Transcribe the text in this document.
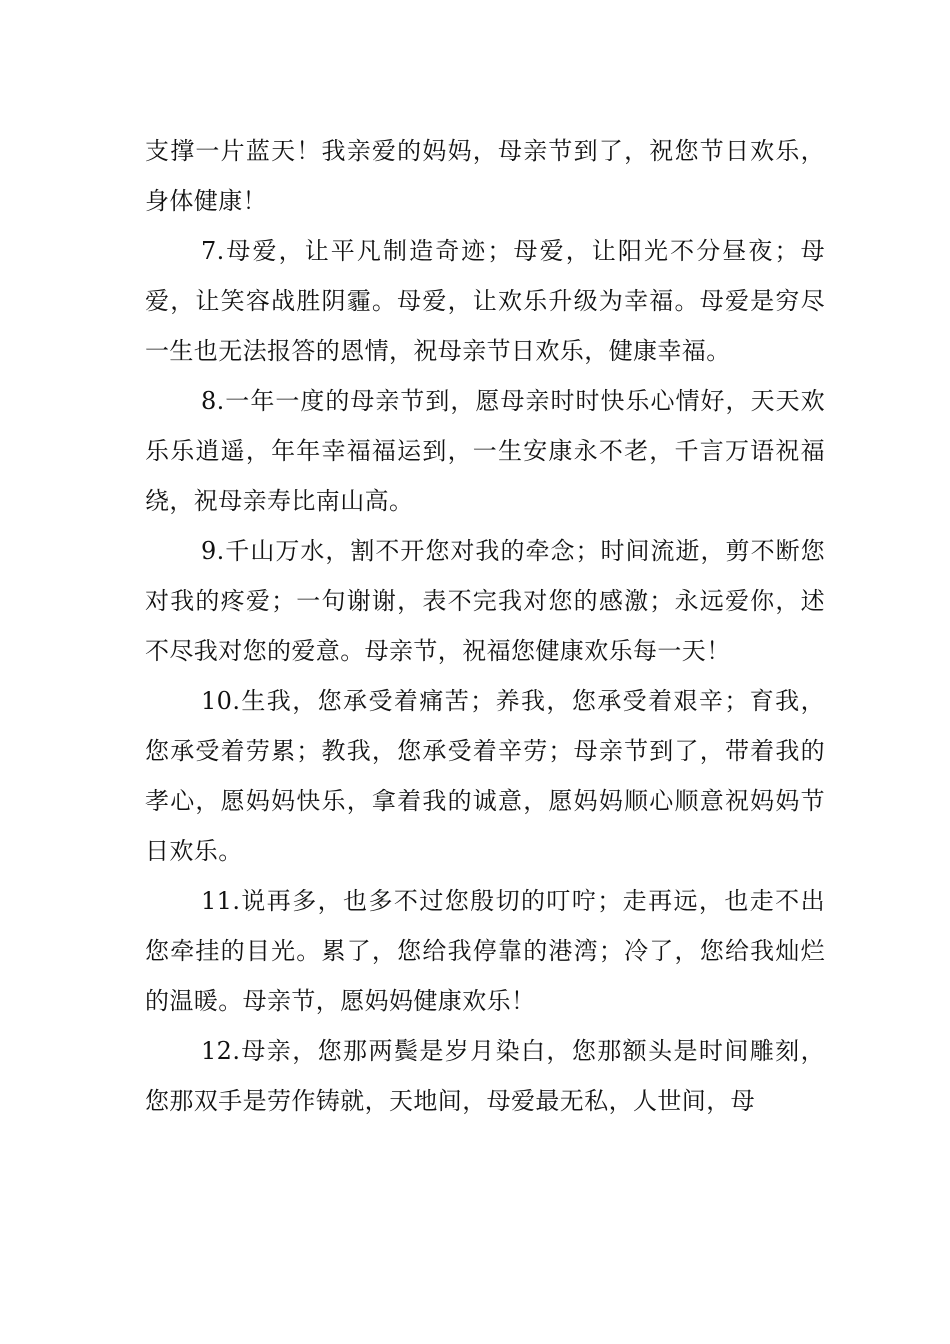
支撑一片蓝天！我亲爱的妈妈，母亲节到了，祝您节日欢乐，身体健康！

7.母爱，让平凡制造奇迹；母爱，让阳光不分昼夜；母爱，让笑容战胜阴霾。母爱，让欢乐升级为幸福。母爱是穷尽一生也无法报答的恩情，祝母亲节日欢乐，健康幸福。

8.一年一度的母亲节到，愿母亲时时快乐心情好，天天欢乐乐逍遥，年年幸福福运到，一生安康永不老，千言万语祝福绕，祝母亲寿比南山高。

9.千山万水，割不开您对我的牵念；时间流逝，剪不断您对我的疼爱；一句谢谢，表不完我对您的感激；永远爱你，述不尽我对您的爱意。母亲节，祝福您健康欢乐每一天！

10.生我，您承受着痛苦；养我，您承受着艰辛；育我，您承受着劳累；教我，您承受着辛劳；母亲节到了，带着我的孝心，愿妈妈快乐，拿着我的诚意，愿妈妈顺心顺意祝妈妈节日欢乐。

11.说再多，也多不过您殷切的叮咛；走再远，也走不出您牵挂的目光。累了，您给我停靠的港湾；冷了，您给我灿烂的温暖。母亲节，愿妈妈健康欢乐！

12.母亲，您那两鬓是岁月染白，您那额头是时间雕刻，您那双手是劳作铸就，天地间，母爱最无私，人世间，母
